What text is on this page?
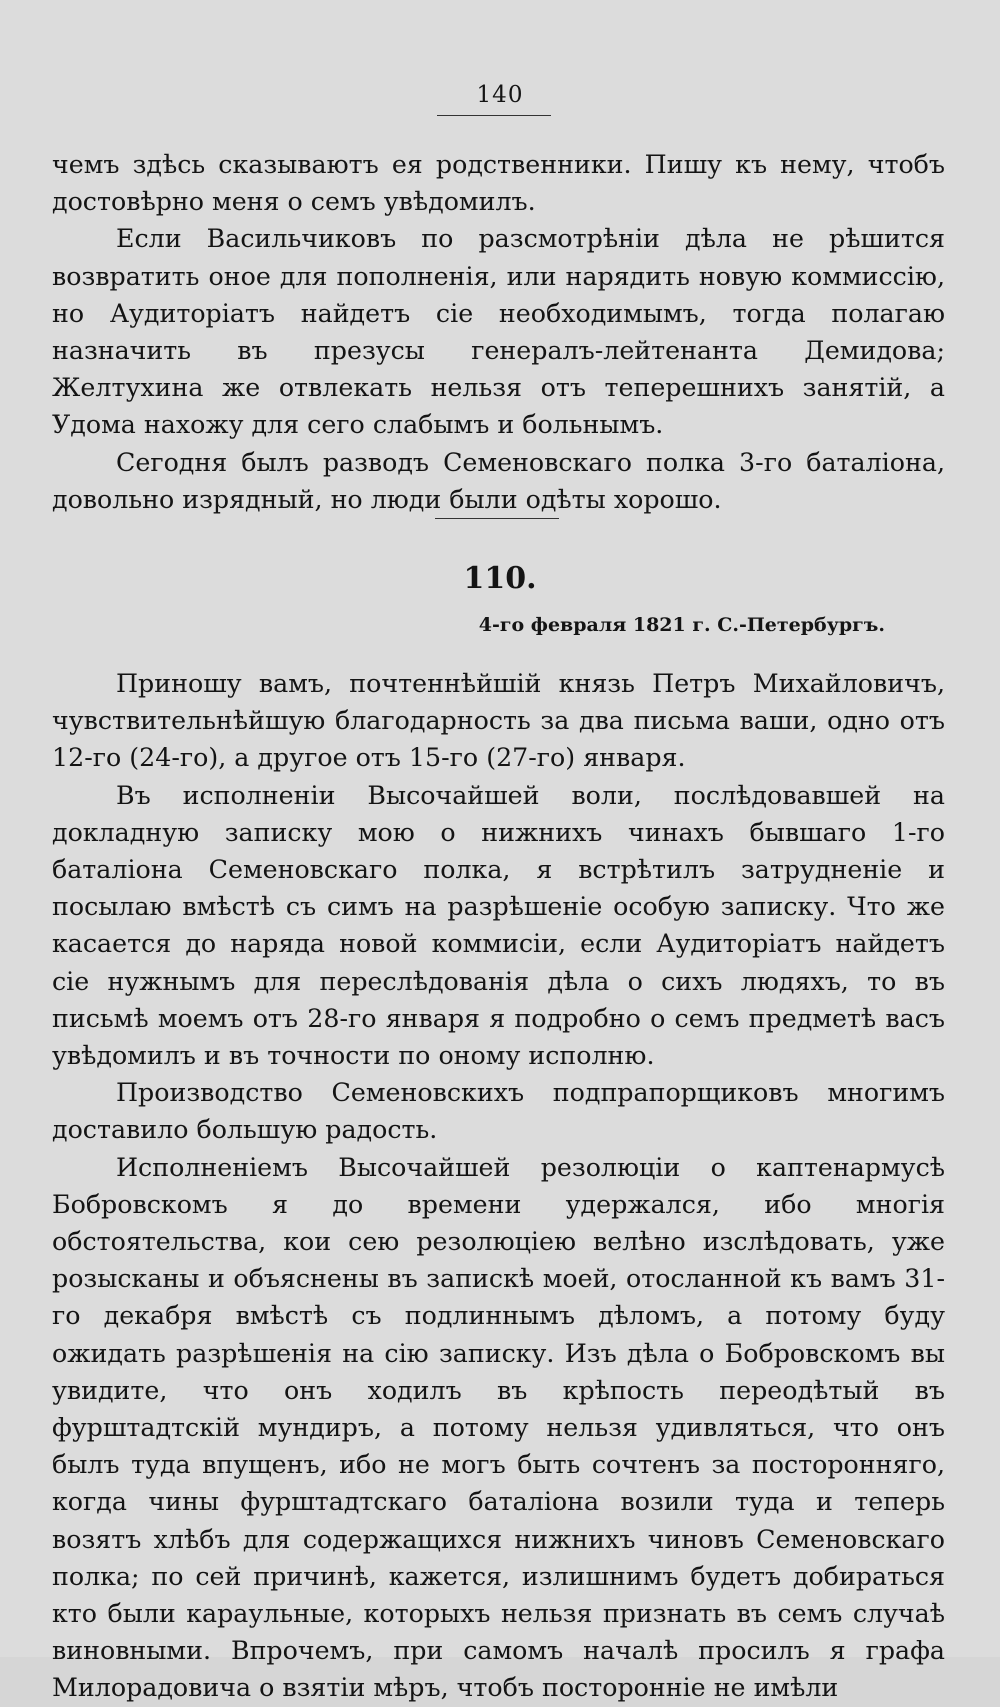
140

чемъ здѣсь сказываютъ ея родственники. Пишу къ нему, чтобъ достовѣрно меня о семъ увѣдомилъ.

Если Васильчиковъ по разсмотрѣніи дѣла не рѣшится возвратить оное для пополненія, или нарядить новую коммиссію, но Аудиторіатъ найдетъ сіе необходимымъ, тогда полагаю назначить въ презусы генералъ-лейтенанта Демидова; Желтухина же отвлекать нельзя отъ теперешнихъ занятій, а Удома нахожу для сего слабымъ и больнымъ.

Сегодня былъ разводъ Семеновскаго полка 3-го баталіона, довольно изрядный, но люди были одѣты хорошо.

110.
4-го февраля 1821 г. С.-Петербургъ.

Приношу вамъ, почтеннѣйшій князь Петръ Михайловичъ, чувствительнѣйшую благодарность за два письма ваши, одно отъ 12-го (24-го), а другое отъ 15-го (27-го) января.

Въ исполненіи Высочайшей воли, послѣдовавшей на докладную записку мою о нижнихъ чинахъ бывшаго 1-го баталіона Семеновскаго полка, я встрѣтилъ затрудненіе и посылаю вмѣстѣ съ симъ на разрѣшеніе особую записку. Что же касается до наряда новой коммисіи, если Аудиторіатъ найдетъ сіе нужнымъ для переслѣдованія дѣла о сихъ людяхъ, то въ письмѣ моемъ отъ 28-го января я подробно о семъ предметѣ васъ увѣдомилъ и въ точности по оному исполню.

Производство Семеновскихъ подпрапорщиковъ многимъ доставило большую радость.

Исполненіемъ Высочайшей резолюціи о каптенармусѣ Бобровскомъ я до времени удержался, ибо многія обстоятельства, кои сею резолюціею велѣно изслѣдовать, уже розысканы и объяснены въ запискѣ моей, отосланной къ вамъ 31-го декабря вмѣстѣ съ подлиннымъ дѣломъ, а потому буду ожидать разрѣшенія на сію записку. Изъ дѣла о Бобровскомъ вы увидите, что онъ ходилъ въ крѣпость переодѣтый въ фурштадтскій мундиръ, а потому нельзя удивляться, что онъ былъ туда впущенъ, ибо не могъ быть сочтенъ за посторонняго, когда чины фурштадтскаго баталіона возили туда и теперь возятъ хлѣбъ для содержащихся нижнихъ чиновъ Семеновскаго полка; по сей причинѣ, кажется, излишнимъ будетъ добираться кто были караульные, которыхъ нельзя признать въ семъ случаѣ виновными. Впрочемъ, при самомъ началѣ просилъ я графа Милорадовича о взятіи мѣръ, чтобъ посторонніе не имѣли
